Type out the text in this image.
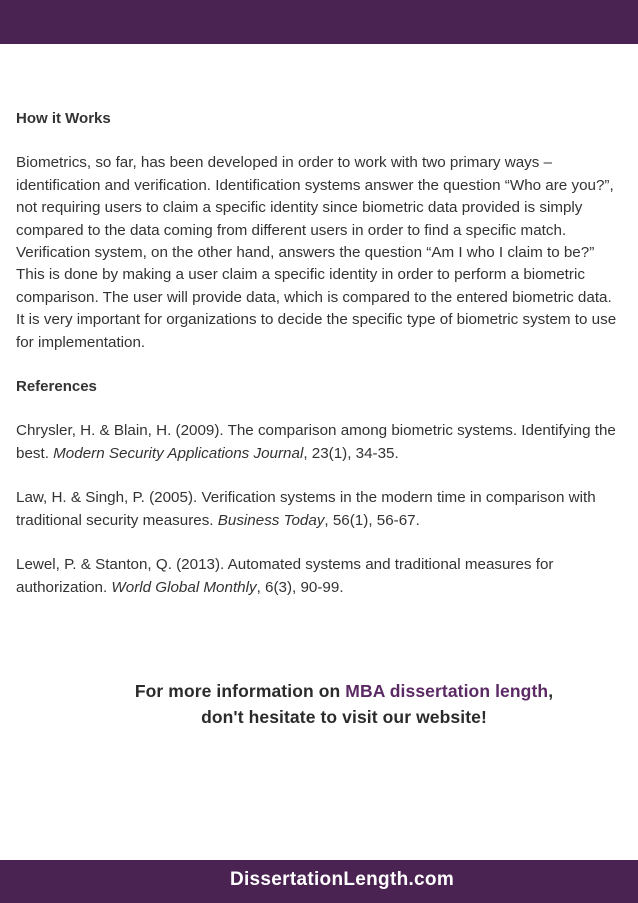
How it Works

Biometrics, so far, has been developed in order to work with two primary ways – identification and verification. Identification systems answer the question “Who are you?”, not requiring users to claim a specific identity since biometric data provided is simply compared to the data coming from different users in order to find a specific match. Verification system, on the other hand, answers the question “Am I who I claim to be?” This is done by making a user claim a specific identity in order to perform a biometric comparison. The user will provide data, which is compared to the entered biometric data. It is very important for organizations to decide the specific type of biometric system to use for implementation.

References

Chrysler, H. & Blain, H. (2009). The comparison among biometric systems. Identifying the best. Modern Security Applications Journal, 23(1), 34-35.

Law, H. & Singh, P. (2005). Verification systems in the modern time in comparison with traditional security measures. Business Today, 56(1), 56-67.

Lewel, P. & Stanton, Q. (2013). Automated systems and traditional measures for authorization. World Global Monthly, 6(3), 90-99.

For more information on MBA dissertation length,
don't hesitate to visit our website!
DissertationLength.com
